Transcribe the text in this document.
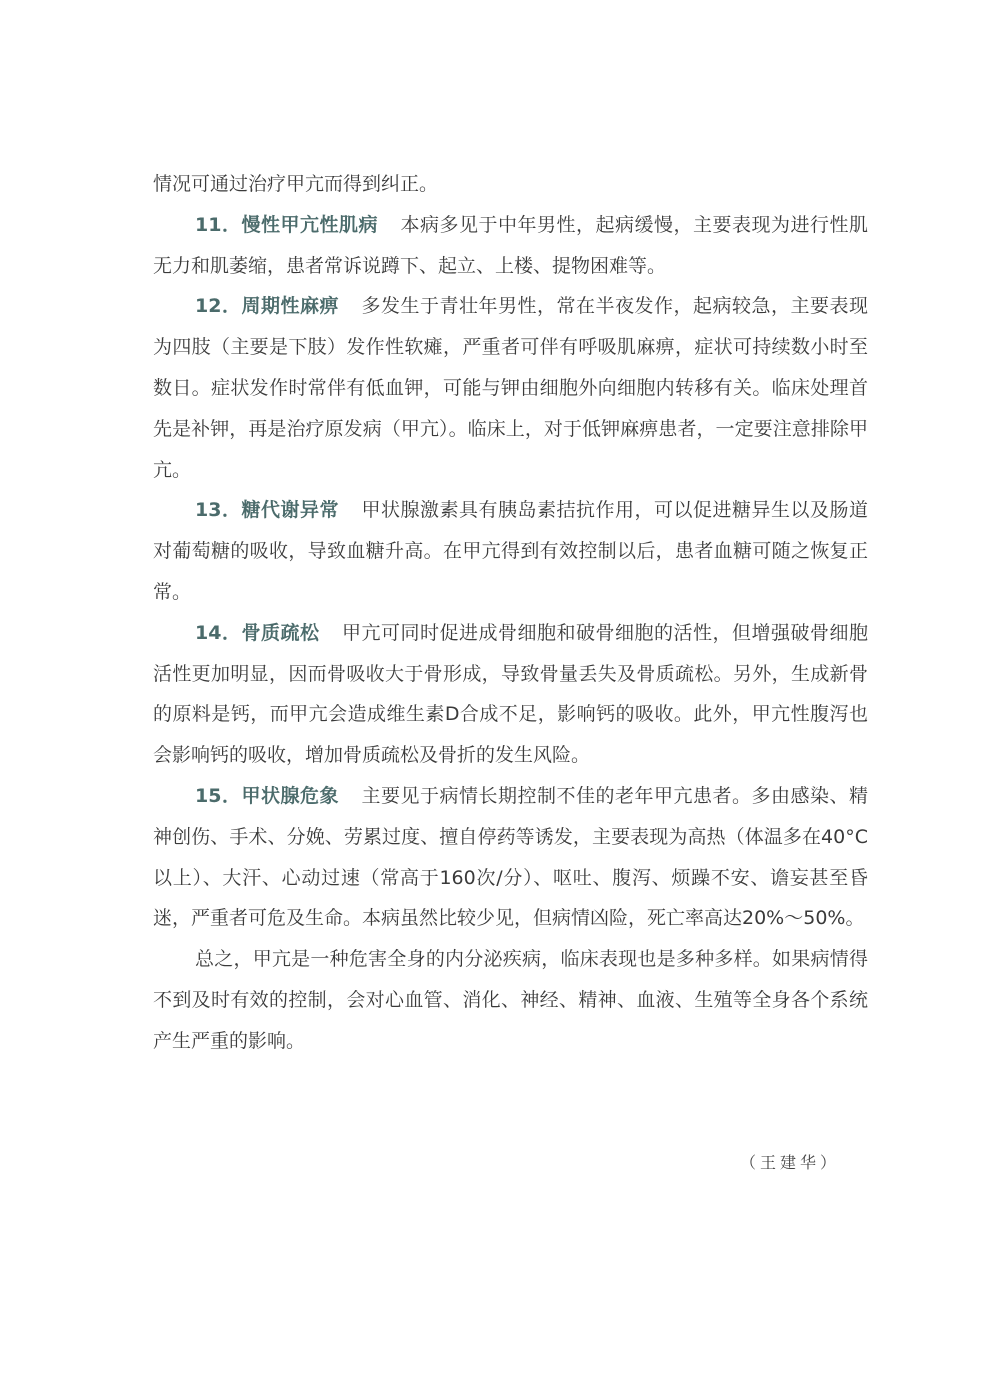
情况可通过治疗甲亢而得到纠正。

11．慢性甲亢性肌病 本病多见于中年男性，起病缓慢，主要表现为进行性肌无力和肌萎缩，患者常诉说蹲下、起立、上楼、提物困难等。

12．周期性麻痹 多发生于青壮年男性，常在半夜发作，起病较急，主要表现为四肢（主要是下肢）发作性软瘫，严重者可伴有呼吸肌麻痹，症状可持续数小时至数日。症状发作时常伴有低血钾，可能与钾由细胞外向细胞内转移有关。临床处理首先是补钾，再是治疗原发病（甲亢）。临床上，对于低钾麻痹患者，一定要注意排除甲亢。

13．糖代谢异常 甲状腺激素具有胰岛素拮抗作用，可以促进糖异生以及肠道对葡萄糖的吸收，导致血糖升高。在甲亢得到有效控制以后，患者血糖可随之恢复正常。

14．骨质疏松 甲亢可同时促进成骨细胞和破骨细胞的活性，但增强破骨细胞活性更加明显，因而骨吸收大于骨形成，导致骨量丢失及骨质疏松。另外，生成新骨的原料是钙，而甲亢会造成维生素D合成不足，影响钙的吸收。此外，甲亢性腹泻也会影响钙的吸收，增加骨质疏松及骨折的发生风险。

15．甲状腺危象 主要见于病情长期控制不佳的老年甲亢患者。多由感染、精神创伤、手术、分娩、劳累过度、擅自停药等诱发，主要表现为高热（体温多在40°C以上）、大汗、心动过速（常高于160次/分）、呕吐、腹泻、烦躁不安、谵妄甚至昏迷，严重者可危及生命。本病虽然比较少见，但病情凶险，死亡率高达20%～50%。

总之，甲亢是一种危害全身的内分泌疾病，临床表现也是多种多样。如果病情得不到及时有效的控制，会对心血管、消化、神经、精神、血液、生殖等全身各个系统产生严重的影响。

（王建华）
